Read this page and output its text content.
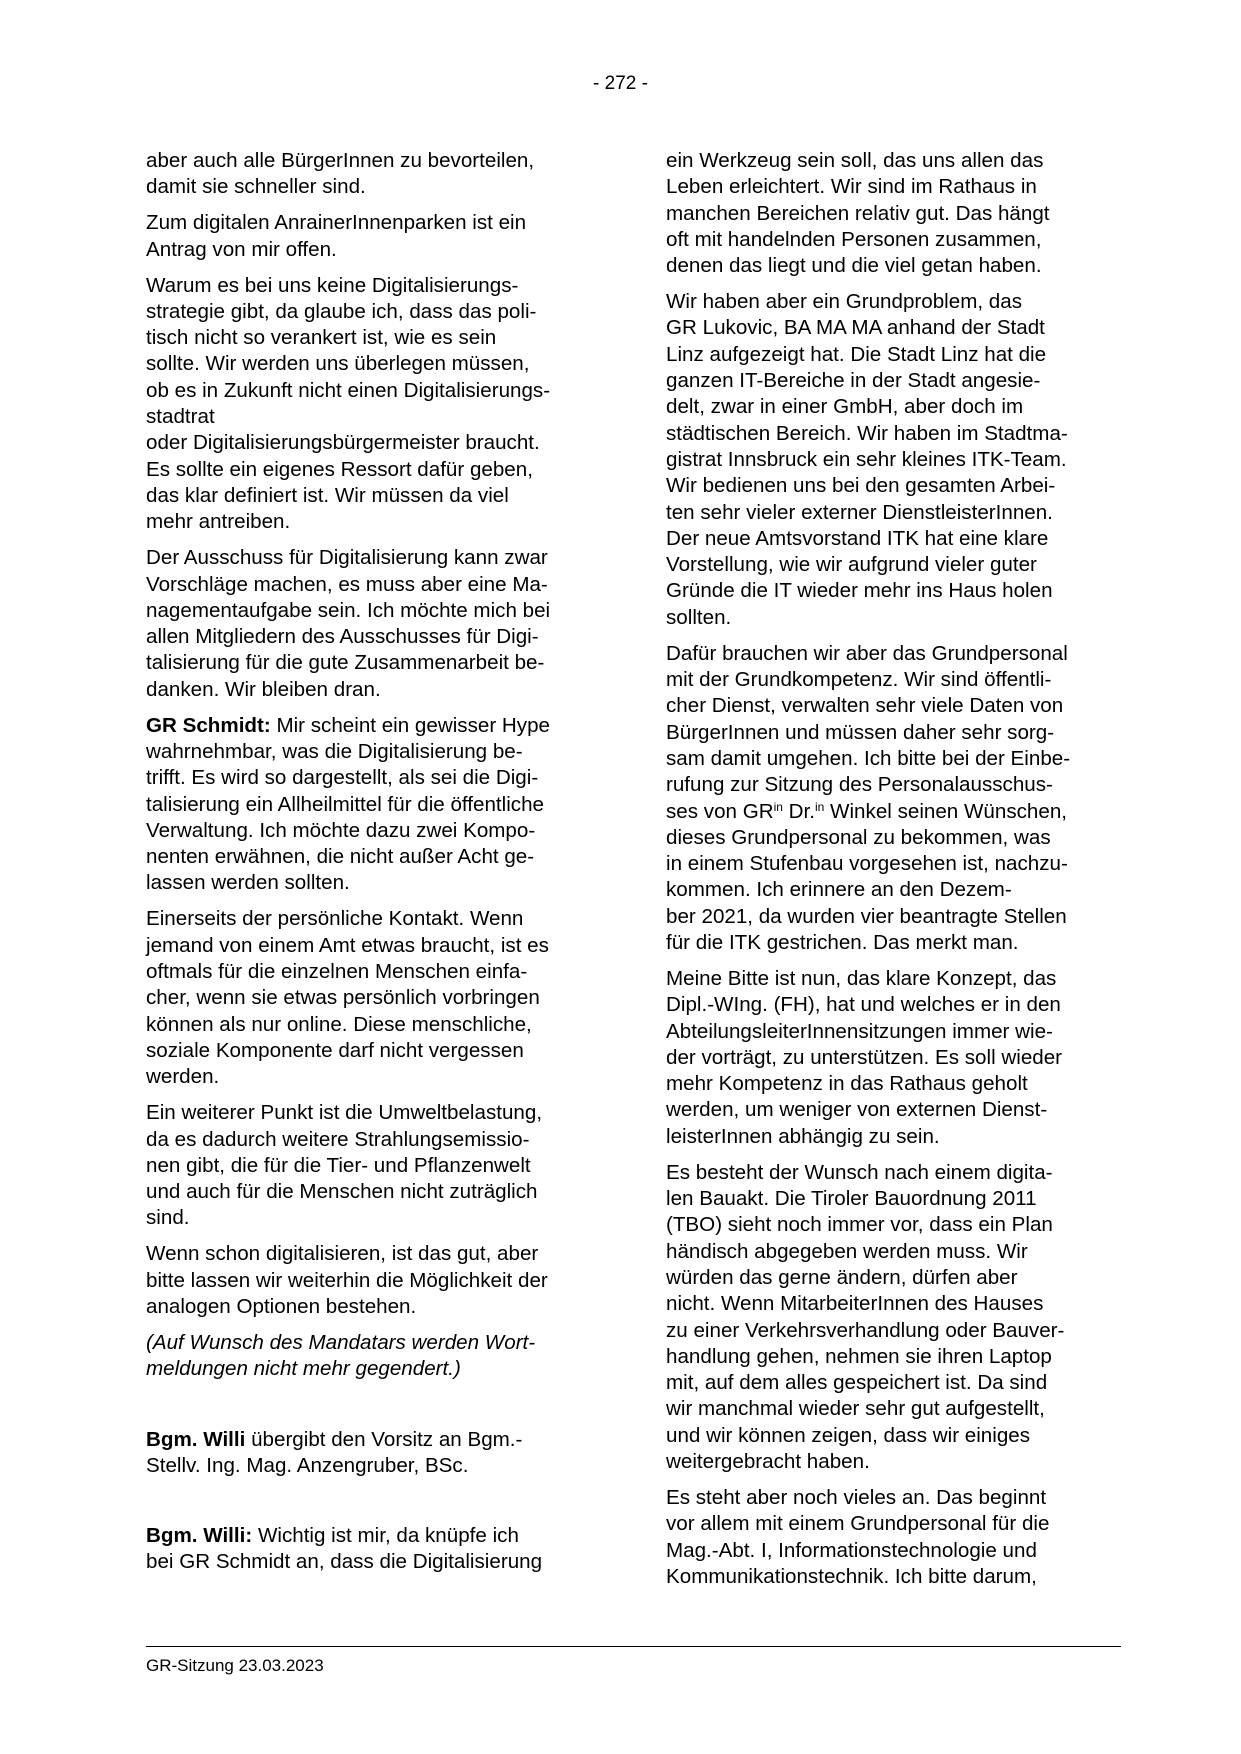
- 272 -

aber auch alle BürgerInnen zu bevorteilen,
damit sie schneller sind.

Zum digitalen AnrainerInnenparken ist ein
Antrag von mir offen.

Warum es bei uns keine Digitalisierungs-
strategie gibt, da glaube ich, dass das poli-
tisch nicht so verankert ist, wie es sein
sollte. Wir werden uns überlegen müssen,
ob es in Zukunft nicht einen Digitalisierungs-
stadtrat
oder Digitalisierungsbürgermeister braucht.
Es sollte ein eigenes Ressort dafür geben,
das klar definiert ist. Wir müssen da viel
mehr antreiben.

Der Ausschuss für Digitalisierung kann zwar
Vorschläge machen, es muss aber eine Ma-
nagementaufgabe sein. Ich möchte mich bei
allen Mitgliedern des Ausschusses für Digi-
talisierung für die gute Zusammenarbeit be-
danken. Wir bleiben dran.

GR Schmidt: Mir scheint ein gewisser Hype
wahrnehmbar, was die Digitalisierung be-
trifft. Es wird so dargestellt, als sei die Digi-
talisierung ein Allheilmittel für die öffentliche
Verwaltung. Ich möchte dazu zwei Kompo-
nenten erwähnen, die nicht außer Acht ge-
lassen werden sollten.

Einerseits der persönliche Kontakt. Wenn
jemand von einem Amt etwas braucht, ist es
oftmals für die einzelnen Menschen einfa-
cher, wenn sie etwas persönlich vorbringen
können als nur online. Diese menschliche,
soziale Komponente darf nicht vergessen
werden.

Ein weiterer Punkt ist die Umweltbelastung,
da es dadurch weitere Strahlungsemissio-
nen gibt, die für die Tier- und Pflanzenwelt
und auch für die Menschen nicht zuträglich
sind.

Wenn schon digitalisieren, ist das gut, aber
bitte lassen wir weiterhin die Möglichkeit der
analogen Optionen bestehen.

(Auf Wunsch des Mandatars werden Wort-
meldungen nicht mehr gegendert.)

Bgm. Willi übergibt den Vorsitz an Bgm.-
Stellv. Ing. Mag. Anzengruber, BSc.

Bgm. Willi: Wichtig ist mir, da knüpfe ich
bei GR Schmidt an, dass die Digitalisierung

ein Werkzeug sein soll, das uns allen das
Leben erleichtert. Wir sind im Rathaus in
manchen Bereichen relativ gut. Das hängt
oft mit handelnden Personen zusammen,
denen das liegt und die viel getan haben.

Wir haben aber ein Grundproblem, das
GR Lukovic, BA MA MA anhand der Stadt
Linz aufgezeigt hat. Die Stadt Linz hat die
ganzen IT-Bereiche in der Stadt angesie-
delt, zwar in einer GmbH, aber doch im
städtischen Bereich. Wir haben im Stadtma-
gistrat Innsbruck ein sehr kleines ITK-Team.
Wir bedienen uns bei den gesamten Arbei-
ten sehr vieler externer DienstleisterInnen.
Der neue Amtsvorstand ITK hat eine klare
Vorstellung, wie wir aufgrund vieler guter
Gründe die IT wieder mehr ins Haus holen
sollten.

Dafür brauchen wir aber das Grundpersonal
mit der Grundkompetenz. Wir sind öffentli-
cher Dienst, verwalten sehr viele Daten von
BürgerInnen und müssen daher sehr sorg-
sam damit umgehen. Ich bitte bei der Einbe-
rufung zur Sitzung des Personalausschus-
ses von $GR^{in}$ Dr.$^{in}$ Winkel seinen Wünschen,
dieses Grundpersonal zu bekommen, was
in einem Stufenbau vorgesehen ist, nachzu-
kommen. Ich erinnere an den Dezem-
ber 2021, da wurden vier beantragte Stellen
für die ITK gestrichen. Das merkt man.

Meine Bitte ist nun, das klare Konzept, das
Dipl.-WIng. (FH), hat und welches er in den
AbteilungsleiterInnensitzungen immer wie-
der vorträgt, zu unterstützen. Es soll wieder
mehr Kompetenz in das Rathaus geholt
werden, um weniger von externen Dienst-
leisterInnen abhängig zu sein.

Es besteht der Wunsch nach einem digita-
len Bauakt. Die Tiroler Bauordnung 2011
(TBO) sieht noch immer vor, dass ein Plan
händisch abgegeben werden muss. Wir
würden das gerne ändern, dürfen aber
nicht. Wenn MitarbeiterInnen des Hauses
zu einer Verkehrsverhandlung oder Bauver-
handlung gehen, nehmen sie ihren Laptop
mit, auf dem alles gespeichert ist. Da sind
wir manchmal wieder sehr gut aufgestellt,
und wir können zeigen, dass wir einiges
weitergebracht haben.

Es steht aber noch vieles an. Das beginnt
vor allem mit einem Grundpersonal für die
Mag.-Abt. I, Informationstechnologie und
Kommunikationstechnik. Ich bitte darum,

GR-Sitzung 23.03.2023
